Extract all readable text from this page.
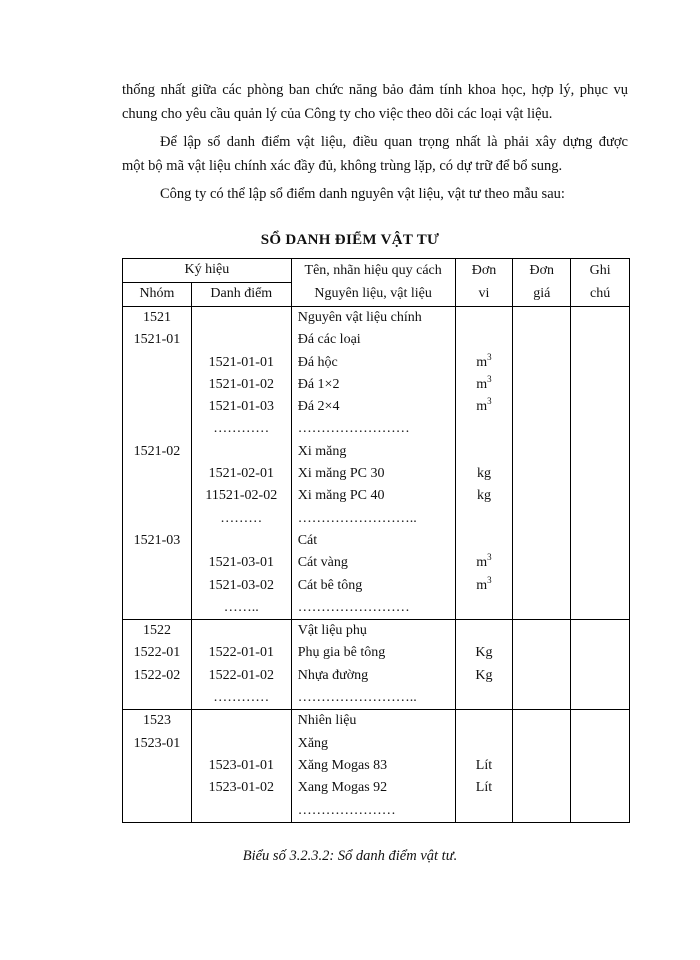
thống nhất giữa các phòng ban chức năng bảo đảm tính khoa học, hợp lý, phục vụ
chung cho yêu cầu quản lý của Công ty cho việc theo dõi các loại vật liệu.
Để lập sổ danh điểm vật liệu, điều quan trọng nhất là phải xây dựng được
một bộ mã vật liệu chính xác đầy đủ, không trùng lặp, có dự trữ để bổ sung.
Công ty có thể lập sổ điểm danh nguyên vật liệu, vật tư theo mẫu sau:
SỔ DANH ĐIỂM VẬT TƯ
Ký hiệu		Tên, nhãn hiệu quy cách	Đơn	Đơn	Ghi
Nhóm	Danh điểm	Nguyên liệu, vật liệu	vi	giá	chú
1521		Nguyên vật liệu chính			
1521-01		Đá các loại			
	1521-01-01	Đá hộc	$m^3$		
	1521-01-02	Đá 1×2	$m^3$		
	1521-01-03	Đá 2×4	$m^3$		
	…………	……………………			
1521-02		Xi măng			
	1521-02-01	Xi măng PC 30	kg		
	11521-02-02	Xi măng PC 40	kg		
	………	……………………..			
1521-03		Cát			
	1521-03-01	Cát vàng	$m^3$		
	1521-03-02	Cát bê tông	$m^3$		
	……..	……………………			
1522		Vật liệu phụ			
1522-01	1522-01-01	Phụ gia bê tông	Kg		
1522-02	1522-01-02	Nhựa đường	Kg		
	…………	……………………..			
1523		Nhiên liệu			
1523-01		Xăng			
	1523-01-01	Xăng Mogas 83	Lít		
	1523-01-02	Xang Mogas 92	Lít		
		…………………			
Biểu số 3.2.3.2: Sổ danh điểm vật tư.
